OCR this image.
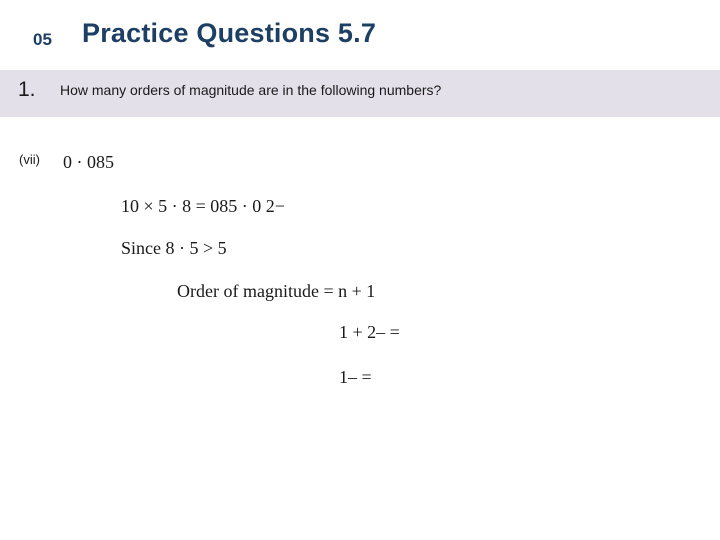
05 Practice Questions 5.7
1. How many orders of magnitude are in the following numbers?
(vii) 0 · 085
10 × 5 · 8 = 085 · 0 2−
Since 8 · 5 > 5
Order of magnitude = n + 1
1 + 2– =
1– =
